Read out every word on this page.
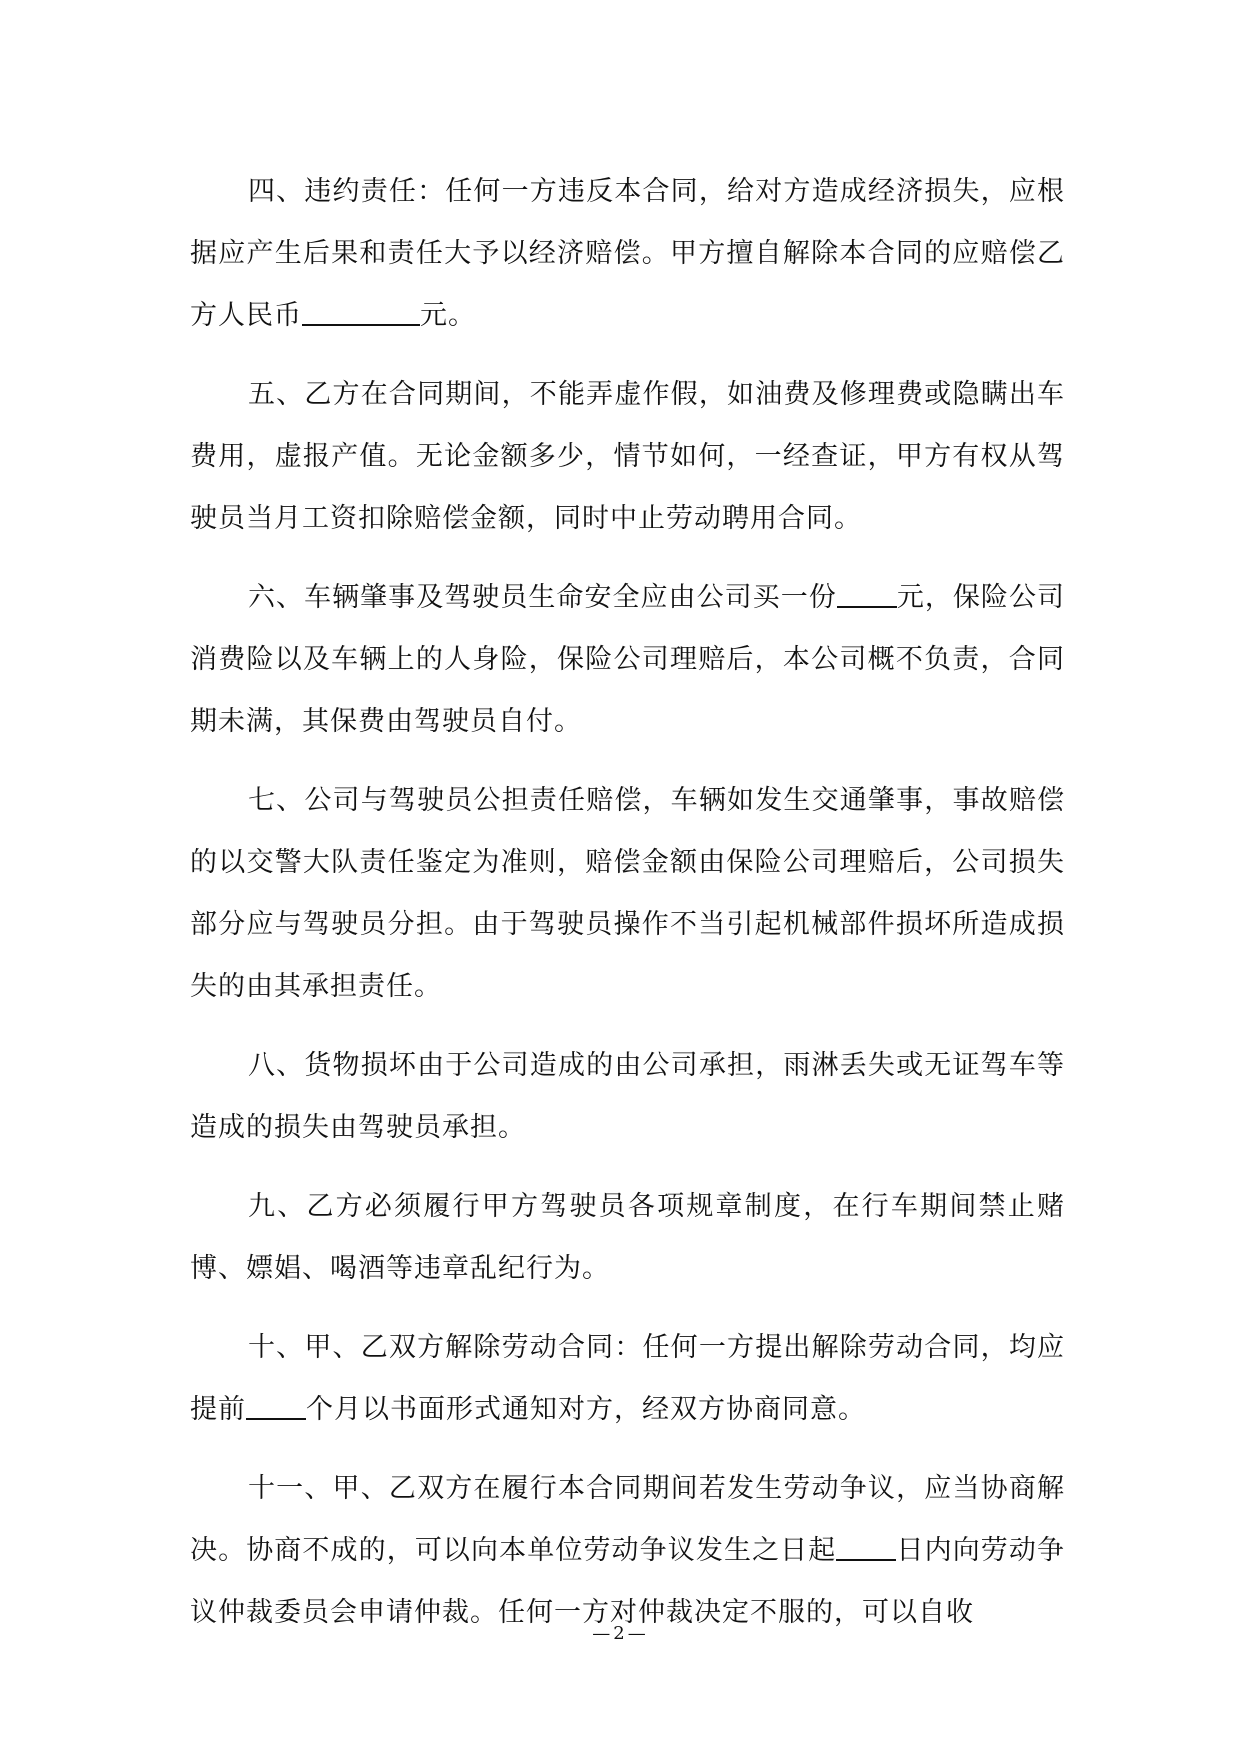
四、违约责任：任何一方违反本合同，给对方造成经济损失，应根据应产生后果和责任大予以经济赔偿。甲方擅自解除本合同的应赔偿乙方人民币	元。

五、乙方在合同期间，不能弄虚作假，如油费及修理费或隐瞒出车费用，虚报产值。无论金额多少，情节如何，一经查证，甲方有权从驾驶员当月工资扣除赔偿金额，同时中止劳动聘用合同。

六、车辆肇事及驾驶员生命安全应由公司买一份 元，保险公司消费险以及车辆上的人身险，保险公司理赔后，本公司概不负责，合同期未满，其保费由驾驶员自付。

七、公司与驾驶员公担责任赔偿，车辆如发生交通肇事，事故赔偿的以交警大队责任鉴定为准则，赔偿金额由保险公司理赔后，公司损失部分应与驾驶员分担。由于驾驶员操作不当引起机械部件损坏所造成损失的由其承担责任。

八、货物损坏由于公司造成的由公司承担，雨淋丢失或无证驾车等造成的损失由驾驶员承担。

九、乙方必须履行甲方驾驶员各项规章制度，在行车期间禁止赌博、嫖娼、喝酒等违章乱纪行为。

十、甲、乙双方解除劳动合同：任何一方提出解除劳动合同，均应提前 个月以书面形式通知对方，经双方协商同意。

十一、甲、乙双方在履行本合同期间若发生劳动争议，应当协商解决。协商不成的，可以向本单位劳动争议发生之日起 日内向劳动争议仲裁委员会申请仲裁。任何一方对仲裁决定不服的，可以自收

—2—
